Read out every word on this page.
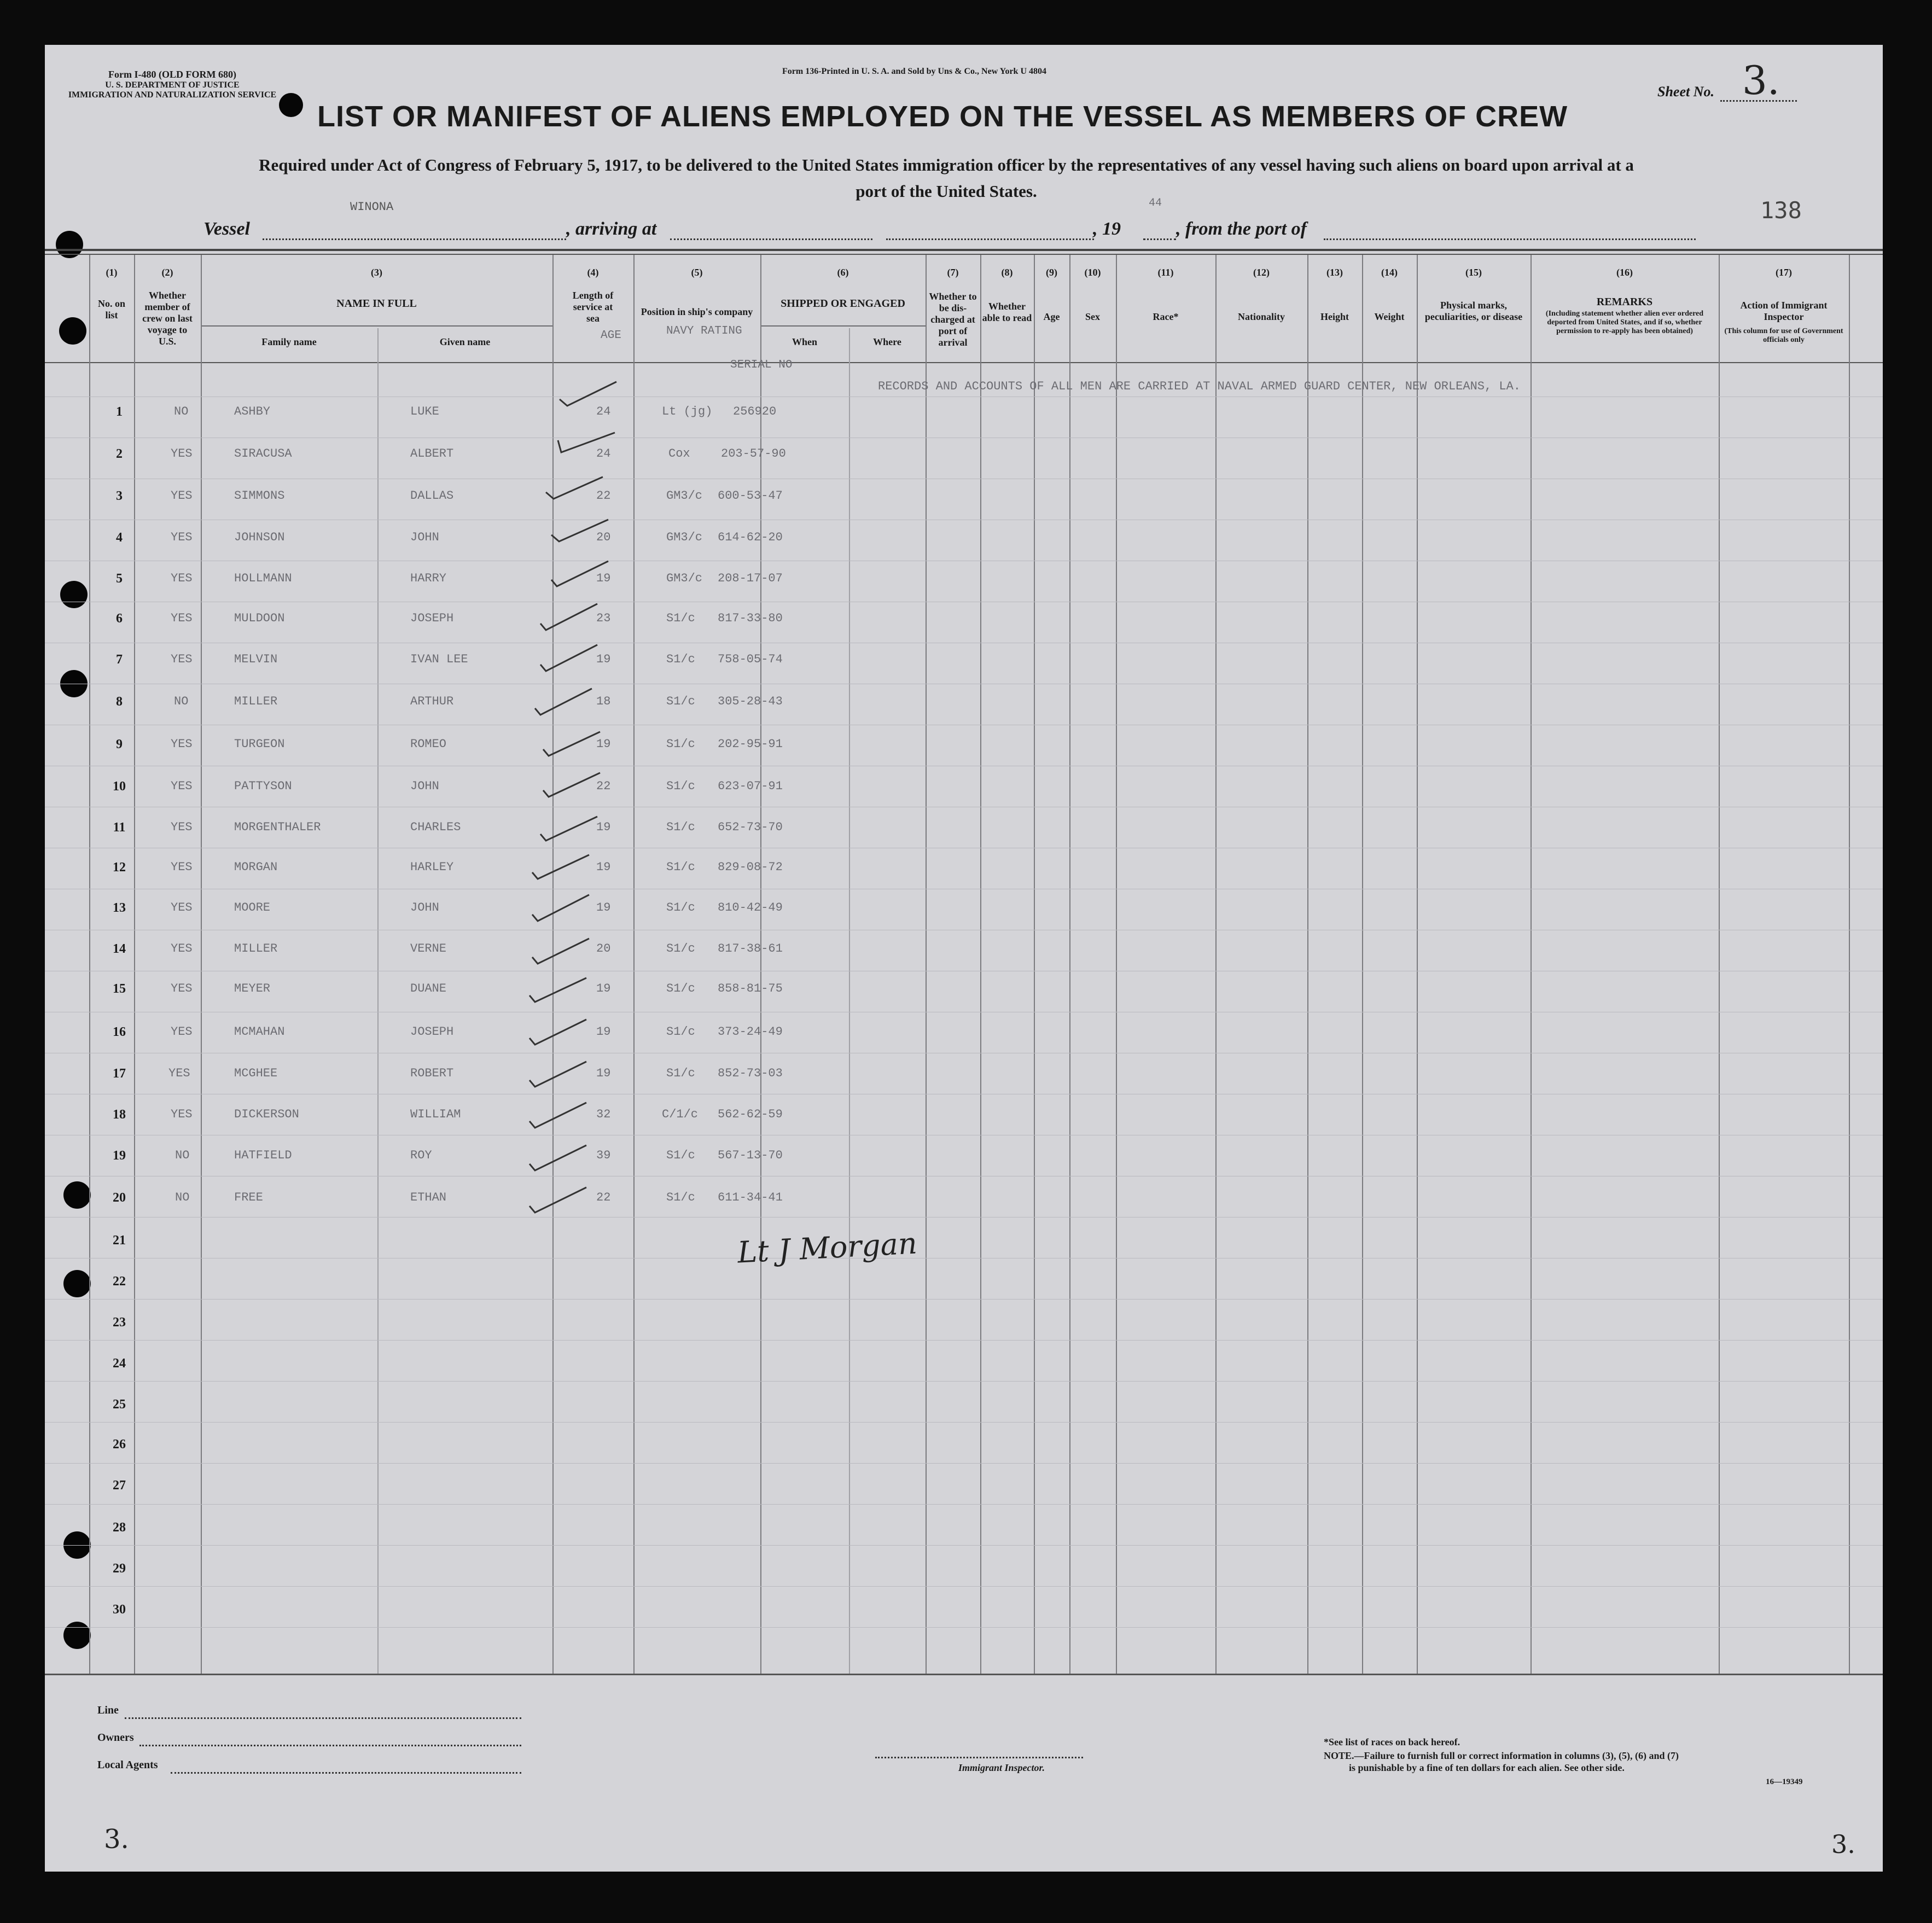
Form I-480 (OLD FORM 680)
U. S. DEPARTMENT OF JUSTICE
IMMIGRATION AND NATURALIZATION SERVICE
Form 136-Printed in U. S. A. and Sold by Uns & Co., New York U 4804
Sheet No. 3.
LIST OR MANIFEST OF ALIENS EMPLOYED ON THE VESSEL AS MEMBERS OF CREW
Required under Act of Congress of February 5, 1917, to be delivered to the United States immigration officer by the representatives of any vessel having such aliens on board upon arrival at a
port of the United States.
Vessel
WINONA
, arriving at	, 19
44
, from the port of
138
(1)	(2)	(3)	(4)	(5)	(6)	(7)	(8)	(9)	(10)	(11)	(12)	(13)	(14)	(15)	(16)	(17)
No. on list
Whether member of crew on last voyage to U.S.
NAME IN FULL
Family name	Given name
Length of service at sea
AGE
Position in ship's company
NAVY RATING
SHIPPED OR ENGAGED
When	Where
SERIAL NO
Whether to be dis-charged at port of arrival
Whether able to read	Age	Sex	Race*	Nationality	Height	Weight
Physical marks, peculiarities, or disease
REMARKS
(Including statement whether alien ever ordered deported from United States, and if so, whether permission to re-apply has been obtained)
Action of Immigrant Inspector
(This column for use of Government officials only
RECORDS AND ACCOUNTS OF ALL MEN ARE CARRIED AT NAVAL ARMED GUARD CENTER, NEW ORLEANS, LA.
1	NO	ASHBY	LUKE	24	Lt (jg) 256920
2	YES	SIRACUSA	ALBERT	24	Cox	203-57-90
3	YES	SIMMONS	DALLAS	22	GM3/c 600-53-47
4	YES	JOHNSON	JOHN	20	GM3/c 614-62-20
5	YES	HOLLMANN	HARRY	19	GM3/c 208-17-07
6	YES	MULDOON	JOSEPH	23	S1/c 817-33-80
7	YES	MELVIN	IVAN LEE	19	S1/c 758-05-74
8	NO	MILLER	ARTHUR	18	S1/c 305-28-43
9	YES	TURGEON	ROMEO	19	S1/c 202-95-91
10	YES	PATTYSON	JOHN	22	S1/c 623-07-91
11	YES	MORGENTHALER	CHARLES	19	S1/c 652-73-70
12	YES	MORGAN	HARLEY	19	S1/c 829-08-72
13	YES	MOORE	JOHN	19	S1/c 810-42-49
14	YES	MILLER	VERNE	20	S1/c 817-38-61
15	YES	MEYER	DUANE	19	S1/c 858-81-75
16	YES	MCMAHAN	JOSEPH	19	S1/c 373-24-49
17	YES	MCGHEE	ROBERT	19	S1/c 852-73-03
18	YES	DICKERSON	WILLIAM	32	C/1/c 562-62-59
19	NO	HATFIELD	ROY	39	S1/c 567-13-70
20	NO	FREE	ETHAN	22	S1/c 611-34-41
21
22
23
24
25
26
27
28
29
30
Lt J Morgan
Line
Owners
Local Agents	Immigrant Inspector.
*See list of races on back hereof.
NOTE.—Failure to furnish full or correct information in columns (3), (5), (6) and (7)
is punishable by a fine of ten dollars for each alien. See other side.
16—19349
3.	3.
